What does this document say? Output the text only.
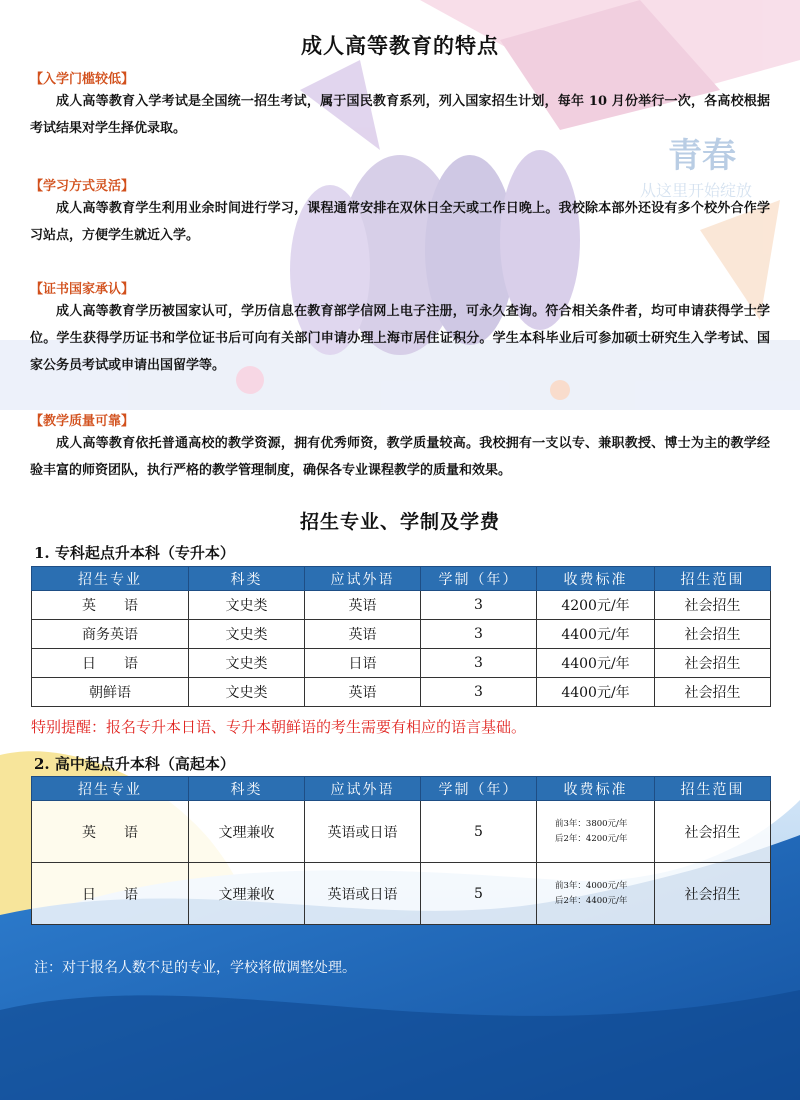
青春
从这里开始绽放
成人高等教育的特点

【入学门槛较低】

成人高等教育入学考试是全国统一招生考试，属于国民教育系列，列入国家招生计划，每年 10 月份举行一次，各高校根据考试结果对学生择优录取。

【学习方式灵活】

成人高等教育学生利用业余时间进行学习，课程通常安排在双休日全天或工作日晚上。我校除本部外还设有多个校外合作学习站点，方便学生就近入学。

【证书国家承认】

成人高等教育学历被国家认可，学历信息在教育部学信网上电子注册，可永久查询。符合相关条件者，均可申请获得学士学位。学生获得学历证书和学位证书后可向有关部门申请办理上海市居住证积分。学生本科毕业后可参加硕士研究生入学考试、国家公务员考试或申请出国留学等。

【教学质量可靠】

成人高等教育依托普通高校的教学资源，拥有优秀师资，教学质量较高。我校拥有一支以专、兼职教授、博士为主的教学经验丰富的师资团队，执行严格的教学管理制度，确保各专业课程教学的质量和效果。

招生专业、学制及学费

1. 专科起点升本科（专升本）

招生专业	科类	应试外语	学制（年）	收费标准	招生范围
英　　语	文史类	英语	3	4200元/年	社会招生
商务英语	文史类	英语	3	4400元/年	社会招生
日　　语	文史类	日语	3	4400元/年	社会招生
朝鲜语	文史类	英语	3	4400元/年	社会招生

特别提醒：报名专升本日语、专升本朝鲜语的考生需要有相应的语言基础。

2. 高中起点升本科（高起本）

招生专业	科类	应试外语	学制（年）	收费标准	招生范围
英　　语	文理兼收	英语或日语	5	前3年：3800元/年
后2年：4200元/年	社会招生
日　　语	文理兼收	英语或日语	5	前3年：4000元/年
后2年：4400元/年	社会招生

注：对于报名人数不足的专业，学校将做调整处理。
